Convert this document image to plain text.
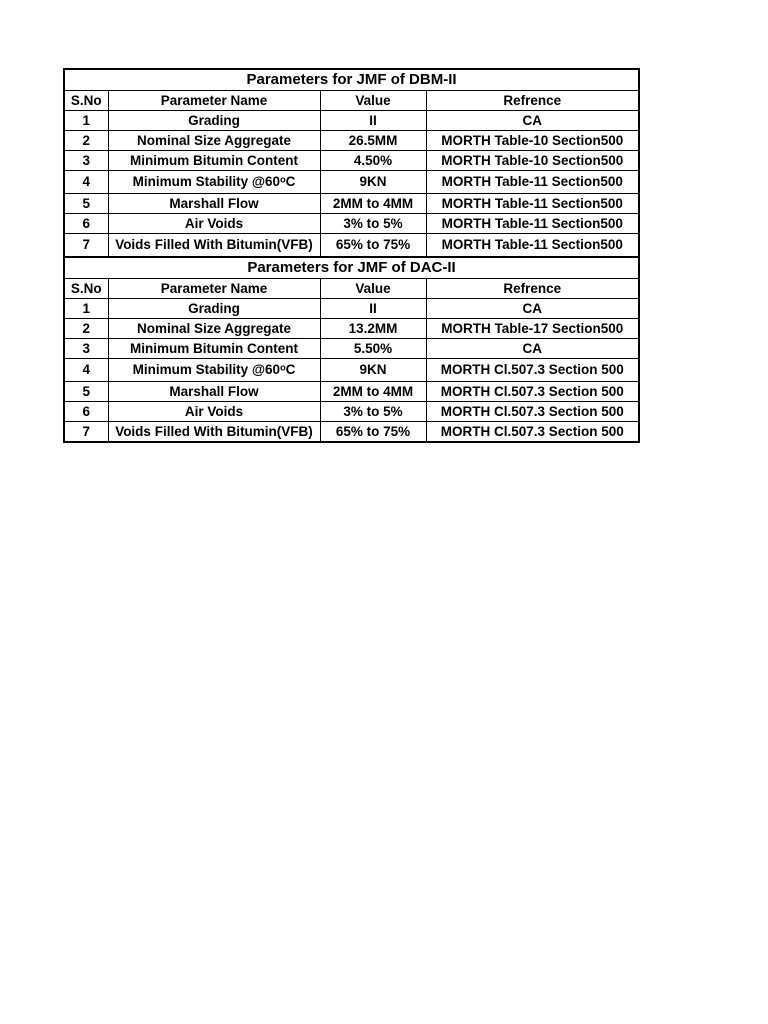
Parameters for JMF of DBM-II			
S.No	Parameter Name	Value	Refrence
1	Grading	II	CA
2	Nominal Size Aggregate	26.5MM	MORTH Table-10 Section500
3	Minimum Bitumin Content	4.50%	MORTH Table-10 Section500
4	Minimum Stability @60ᵒC	9KN	MORTH Table-11 Section500
5	Marshall Flow	2MM to 4MM	MORTH Table-11 Section500
6	Air Voids	3% to 5%	MORTH Table-11 Section500
7	Voids Filled With Bitumin(VFB)	65% to 75%	MORTH Table-11 Section500
Parameters for JMF of DAC-II			
S.No	Parameter Name	Value	Refrence
1	Grading	II	CA
2	Nominal Size Aggregate	13.2MM	MORTH Table-17 Section500
3	Minimum Bitumin Content	5.50%	CA
4	Minimum Stability @60ᵒC	9KN	MORTH Cl.507.3 Section 500
5	Marshall Flow	2MM to 4MM	MORTH Cl.507.3 Section 500
6	Air Voids	3% to 5%	MORTH Cl.507.3 Section 500
7	Voids Filled With Bitumin(VFB)	65% to 75%	MORTH Cl.507.3 Section 500
